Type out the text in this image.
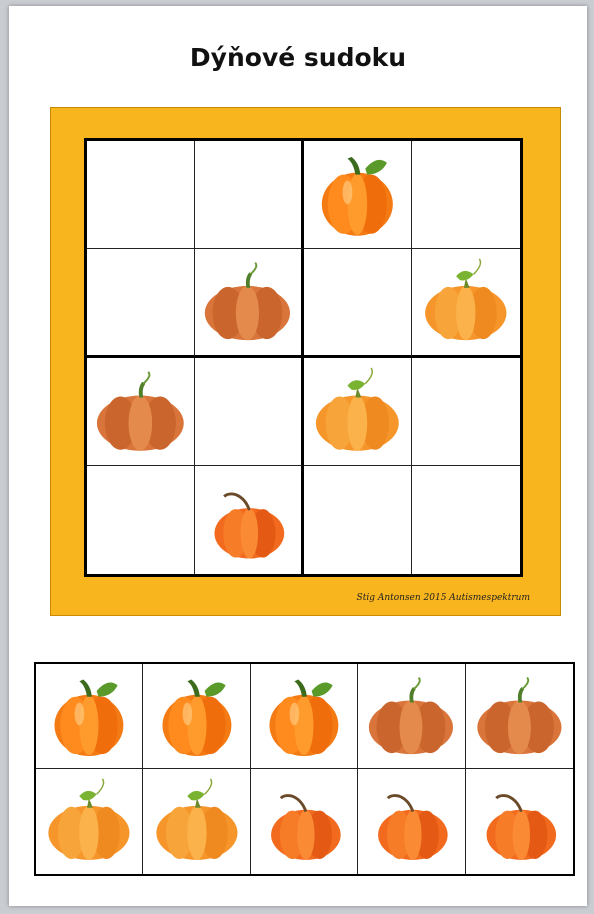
Dýňové sudoku
Stig Antonsen 2015 Autismespektrum
